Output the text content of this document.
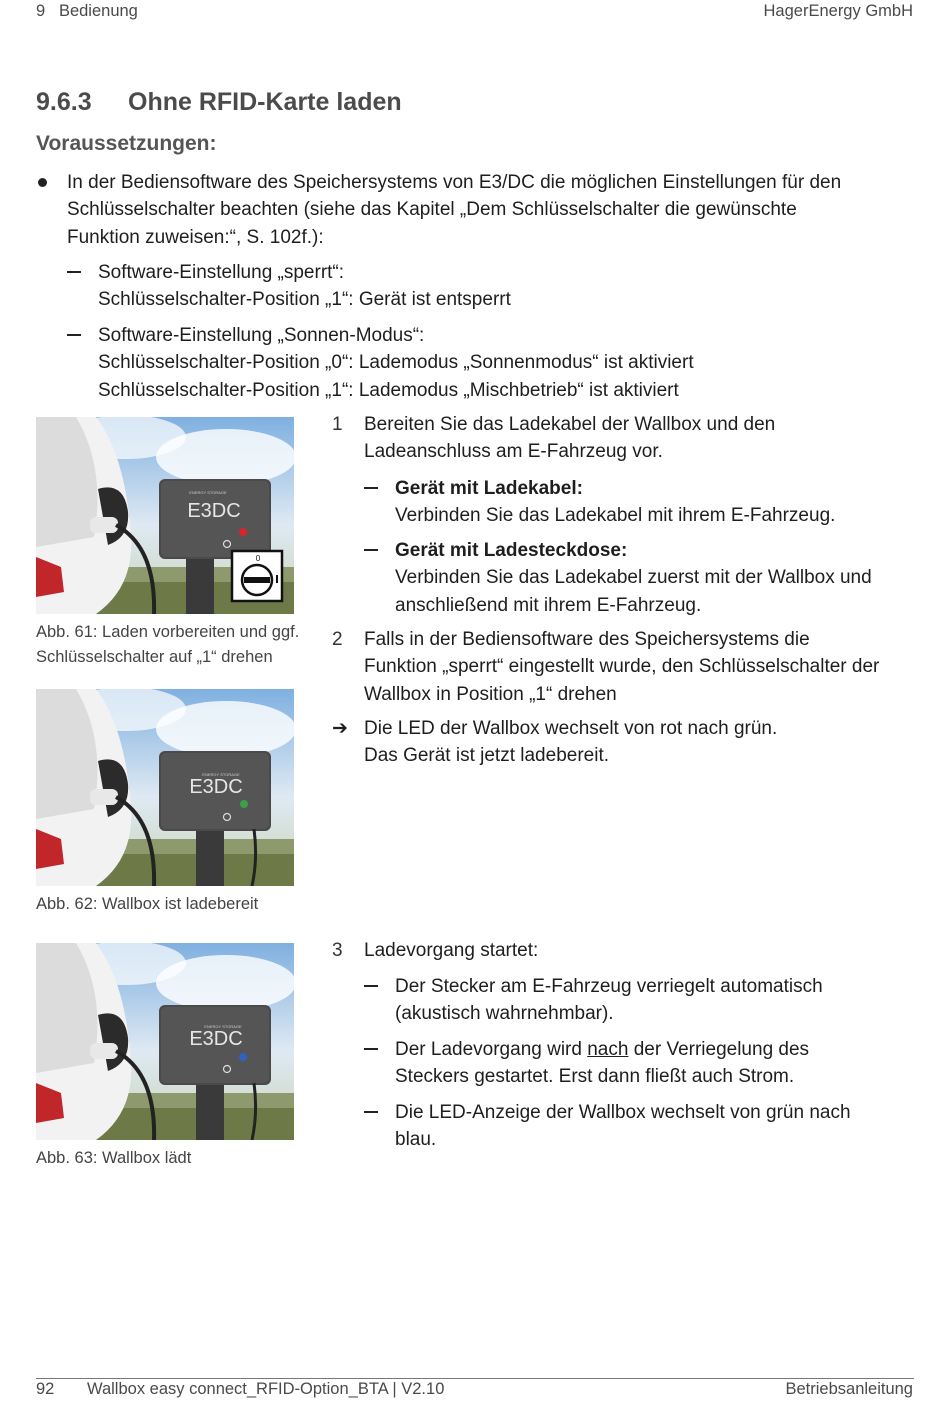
9 Bedienung	HagerEnergy GmbH
9.6.3 Ohne RFID-Karte laden
Voraussetzungen:
In der Bediensoftware des Speichersystems von E3/DC die möglichen Einstellungen für den
Schlüsselschalter beachten (siehe das Kapitel „Dem Schlüsselschalter die gewünschte
Funktion zuweisen:“, S. 102f.):
Software-Einstellung „sperrt“:
Schlüsselschalter-Position „1“: Gerät ist entsperrt
Software-Einstellung „Sonnen-Modus“:
Schlüsselschalter-Position „0“: Lademodus „Sonnenmodus“ ist aktiviert
Schlüsselschalter-Position „1“: Lademodus „Mischbetrieb“ ist aktiviert
ENERGY STORAGE
E3DC
0
Abb. 61: Laden vorbereiten und ggf.
Schlüsselschalter auf „1“ drehen
ENERGY STORAGE
E3DC
Abb. 62: Wallbox ist ladebereit
ENERGY STORAGE
E3DC
Abb. 63: Wallbox lädt
1 Bereiten Sie das Ladekabel der Wallbox und den
Ladeanschluss am E-Fahrzeug vor.
Gerät mit Ladekabel:
Verbinden Sie das Ladekabel mit ihrem E-Fahrzeug.
Gerät mit Ladesteckdose:
Verbinden Sie das Ladekabel zuerst mit der Wallbox und
anschließend mit ihrem E-Fahrzeug.
2 Falls in der Bediensoftware des Speichersystems die
Funktion „sperrt“ eingestellt wurde, den Schlüsselschalter der
Wallbox in Position „1“ drehen
➔ Die LED der Wallbox wechselt von rot nach grün.
Das Gerät ist jetzt ladebereit.
3 Ladevorgang startet:
Der Stecker am E-Fahrzeug verriegelt automatisch
(akustisch wahrnehmbar).
Der Ladevorgang wird nach der Verriegelung des
Steckers gestartet. Erst dann fließt auch Strom.
Die LED-Anzeige der Wallbox wechselt von grün nach
blau.
92 Wallbox easy connect_RFID-Option_BTA | V2.10	Betriebsanleitung
